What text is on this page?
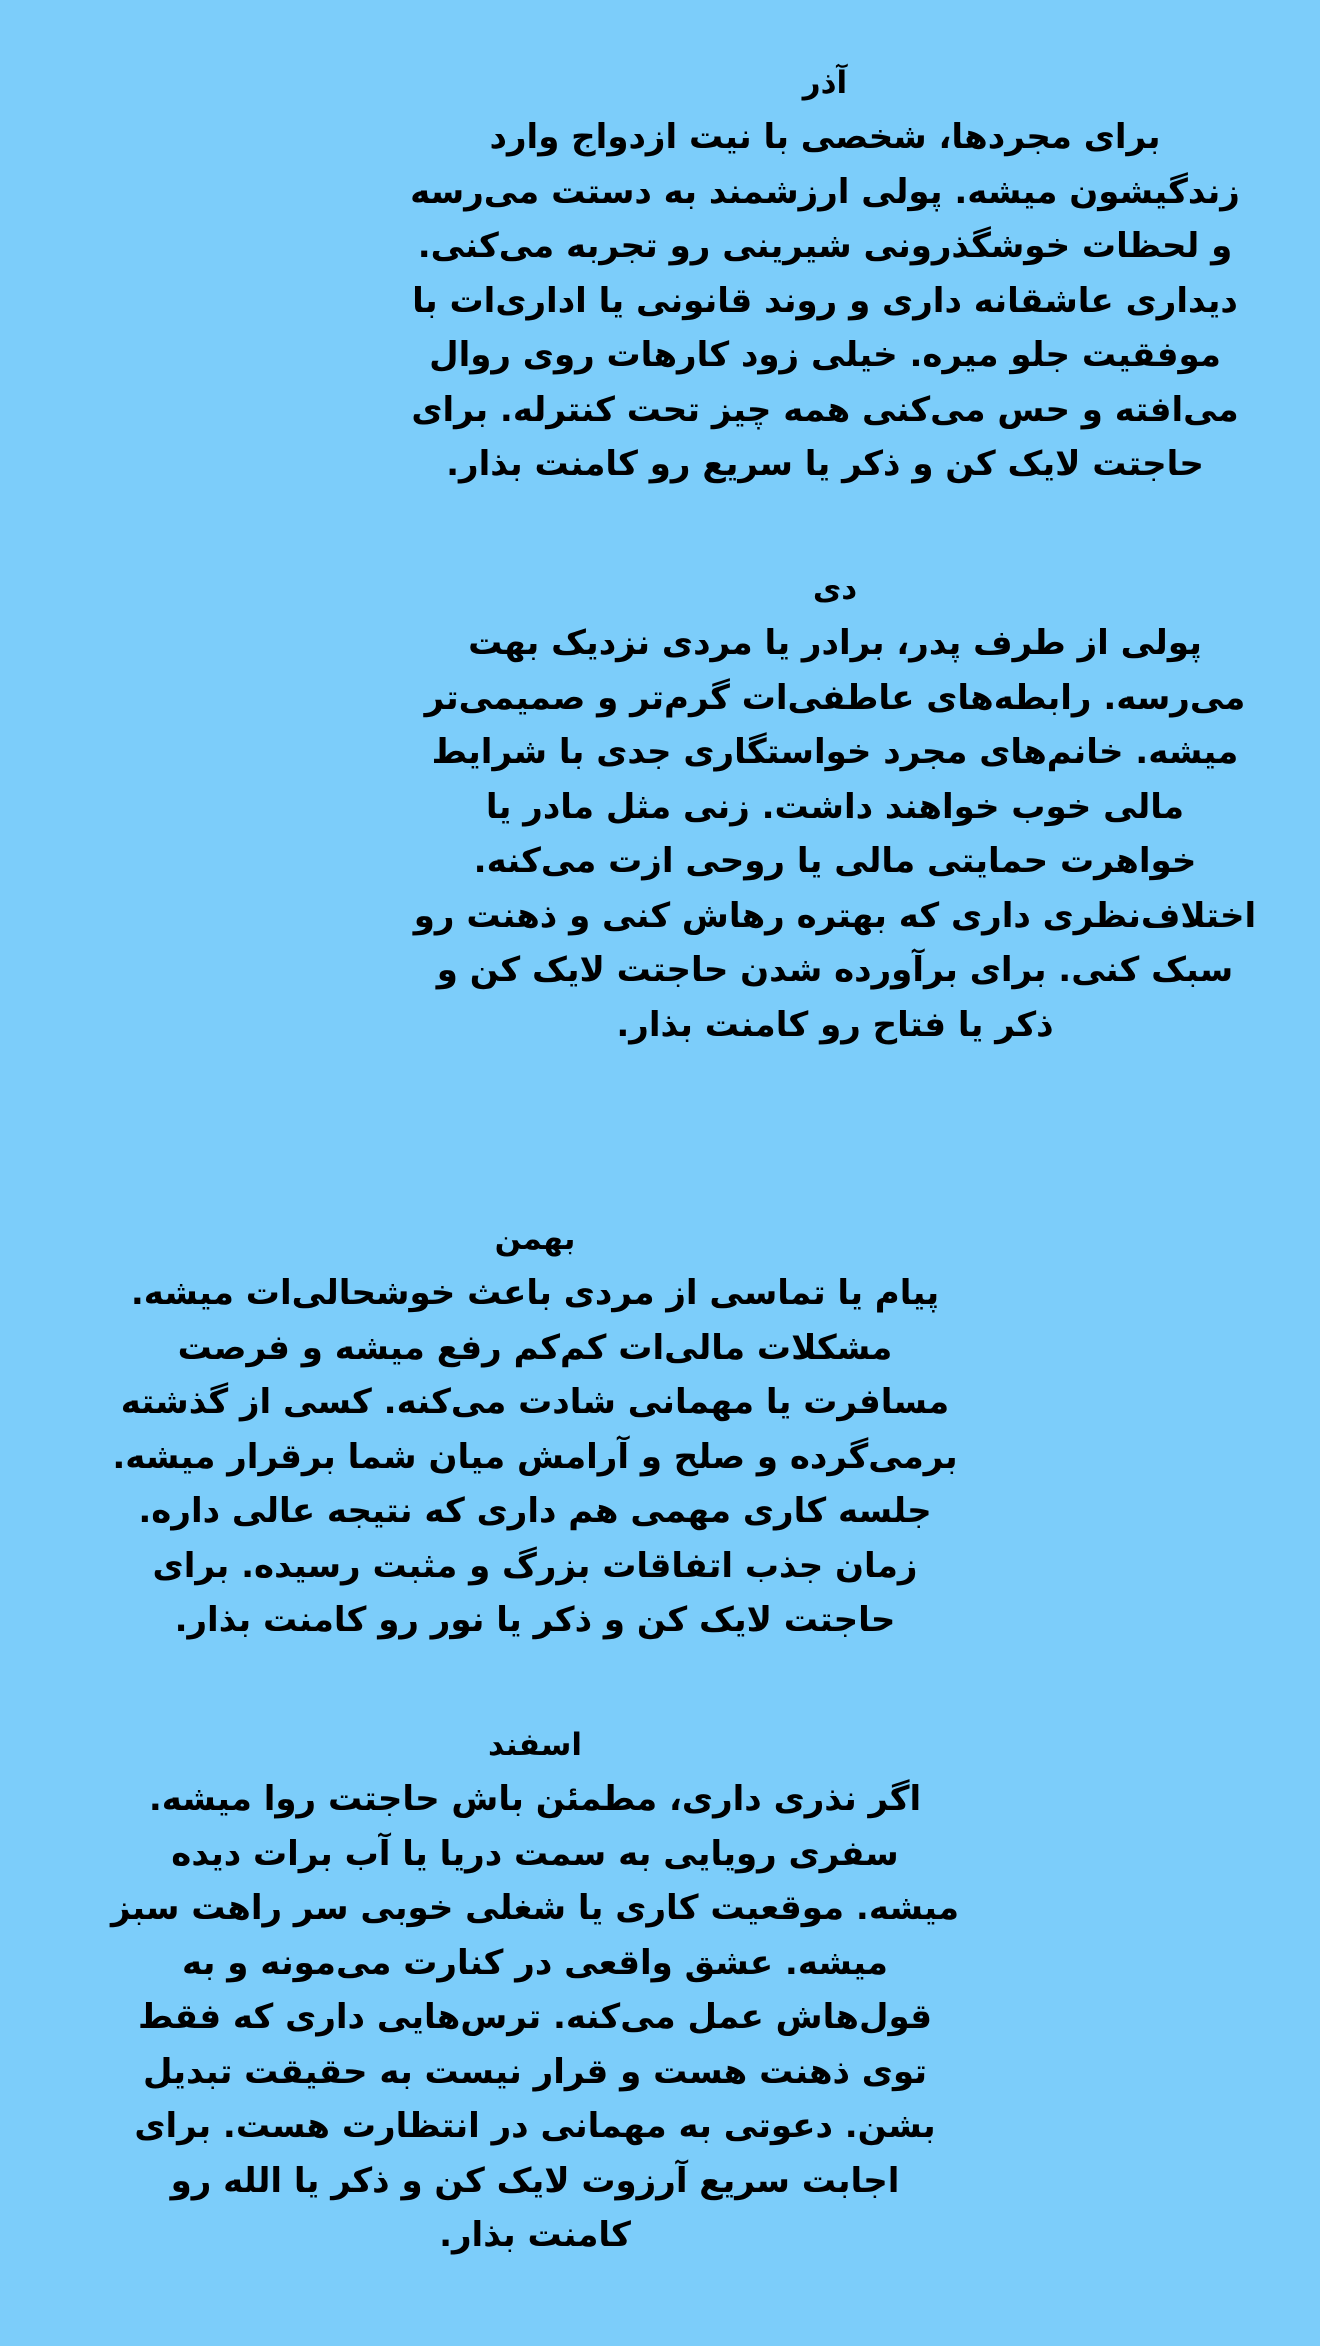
آذر
برای مجردها، شخصی با نیت ازدواج وارد
زندگیشون میشه. پولی ارزشمند به دستت می‌رسه
و لحظات خوشگذرونی شیرینی رو تجربه می‌کنی.
دیداری عاشقانه داری و روند قانونی یا اداری‌ات با
موفقیت جلو میره. خیلی زود کارهات روی روال
می‌افته و حس می‌کنی همه چیز تحت کنترله. برای
حاجتت لایک کن و ذکر یا سریع رو کامنت بذار.
دی
پولی از طرف پدر، برادر یا مردی نزدیک بهت
می‌رسه. رابطه‌های عاطفی‌ات گرم‌تر و صمیمی‌تر
میشه. خانم‌های مجرد خواستگاری جدی با شرایط
مالی خوب خواهند داشت. زنی مثل مادر یا
خواهرت حمایتی مالی یا روحی ازت می‌کنه.
اختلاف‌نظری داری که بهتره رهاش کنی و ذهنت رو
سبک کنی. برای برآورده شدن حاجتت لایک کن و
ذکر یا فتاح رو کامنت بذار.
بهمن
پیام یا تماسی از مردی باعث خوشحالی‌ات میشه.
مشکلات مالی‌ات کم‌کم رفع میشه و فرصت
مسافرت یا مهمانی شادت می‌کنه. کسی از گذشته
برمی‌گرده و صلح و آرامش میان شما برقرار میشه.
جلسه کاری مهمی هم داری که نتیجه عالی داره.
زمان جذب اتفاقات بزرگ و مثبت رسیده. برای
حاجتت لایک کن و ذکر یا نور رو کامنت بذار.
اسفند
اگر نذری داری، مطمئن باش حاجتت روا میشه.
سفری رویایی به سمت دریا یا آب برات دیده
میشه. موقعیت کاری یا شغلی خوبی سر راهت سبز
میشه. عشق واقعی در کنارت می‌مونه و به
قول‌هاش عمل می‌کنه. ترس‌هایی داری که فقط
توی ذهنت هست و قرار نیست به حقیقت تبدیل
بشن. دعوتی به مهمانی در انتظارت هست. برای
اجابت سریع آرزوت لایک کن و ذکر یا الله رو
کامنت بذار.
